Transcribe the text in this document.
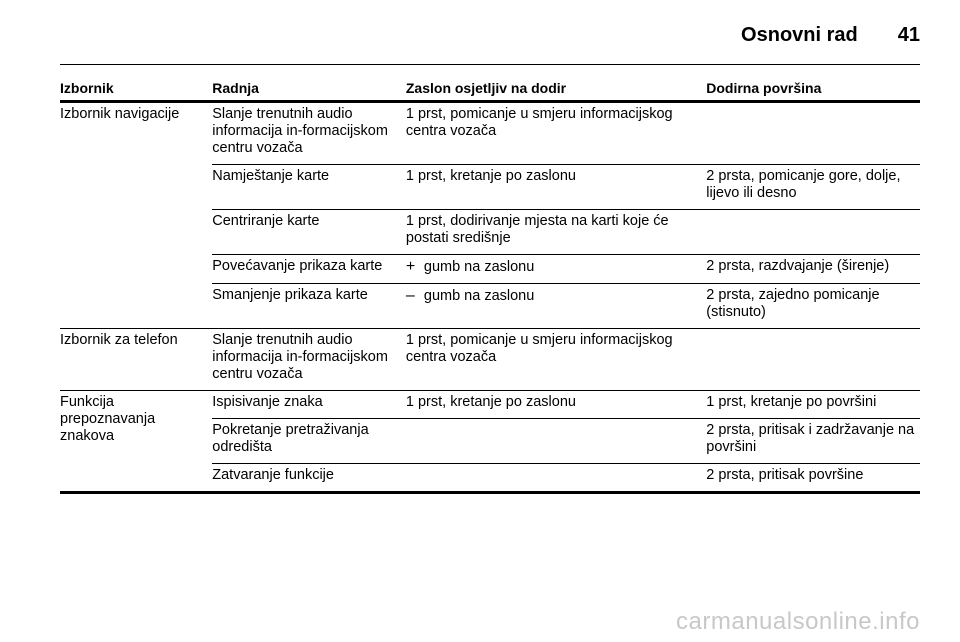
Osnovni rad 41
Izbornik	Radnja	Zaslon osjetljiv na dodir	Dodirna površina
Izbornik navigacije	Slanje trenutnih audio informacija in-formacijskom centru vozača	1 prst, pomicanje u smjeru informacijskog centra vozača	
	Namještanje karte	1 prst, kretanje po zaslonu	2 prsta, pomicanje gore, dolje, lijevo ili desno
	Centriranje karte	1 prst, dodirivanje mjesta na karti koje će postati središnje	
	Povećavanje prikaza karte	+ gumb na zaslonu	2 prsta, razdvajanje (širenje)
	Smanjenje prikaza karte	– gumb na zaslonu	2 prsta, zajedno pomicanje (stisnuto)
Izbornik za telefon	Slanje trenutnih audio informacija in-formacijskom centru vozača	1 prst, pomicanje u smjeru informacijskog centra vozača	
Funkcija prepoznavanja znakova	Ispisivanje znaka	1 prst, kretanje po zaslonu	1 prst, kretanje po površini
	Pokretanje pretraživanja odredišta		2 prsta, pritisak i zadržavanje na površini
	Zatvaranje funkcije		2 prsta, pritisak površine
carmanualsonline.info
